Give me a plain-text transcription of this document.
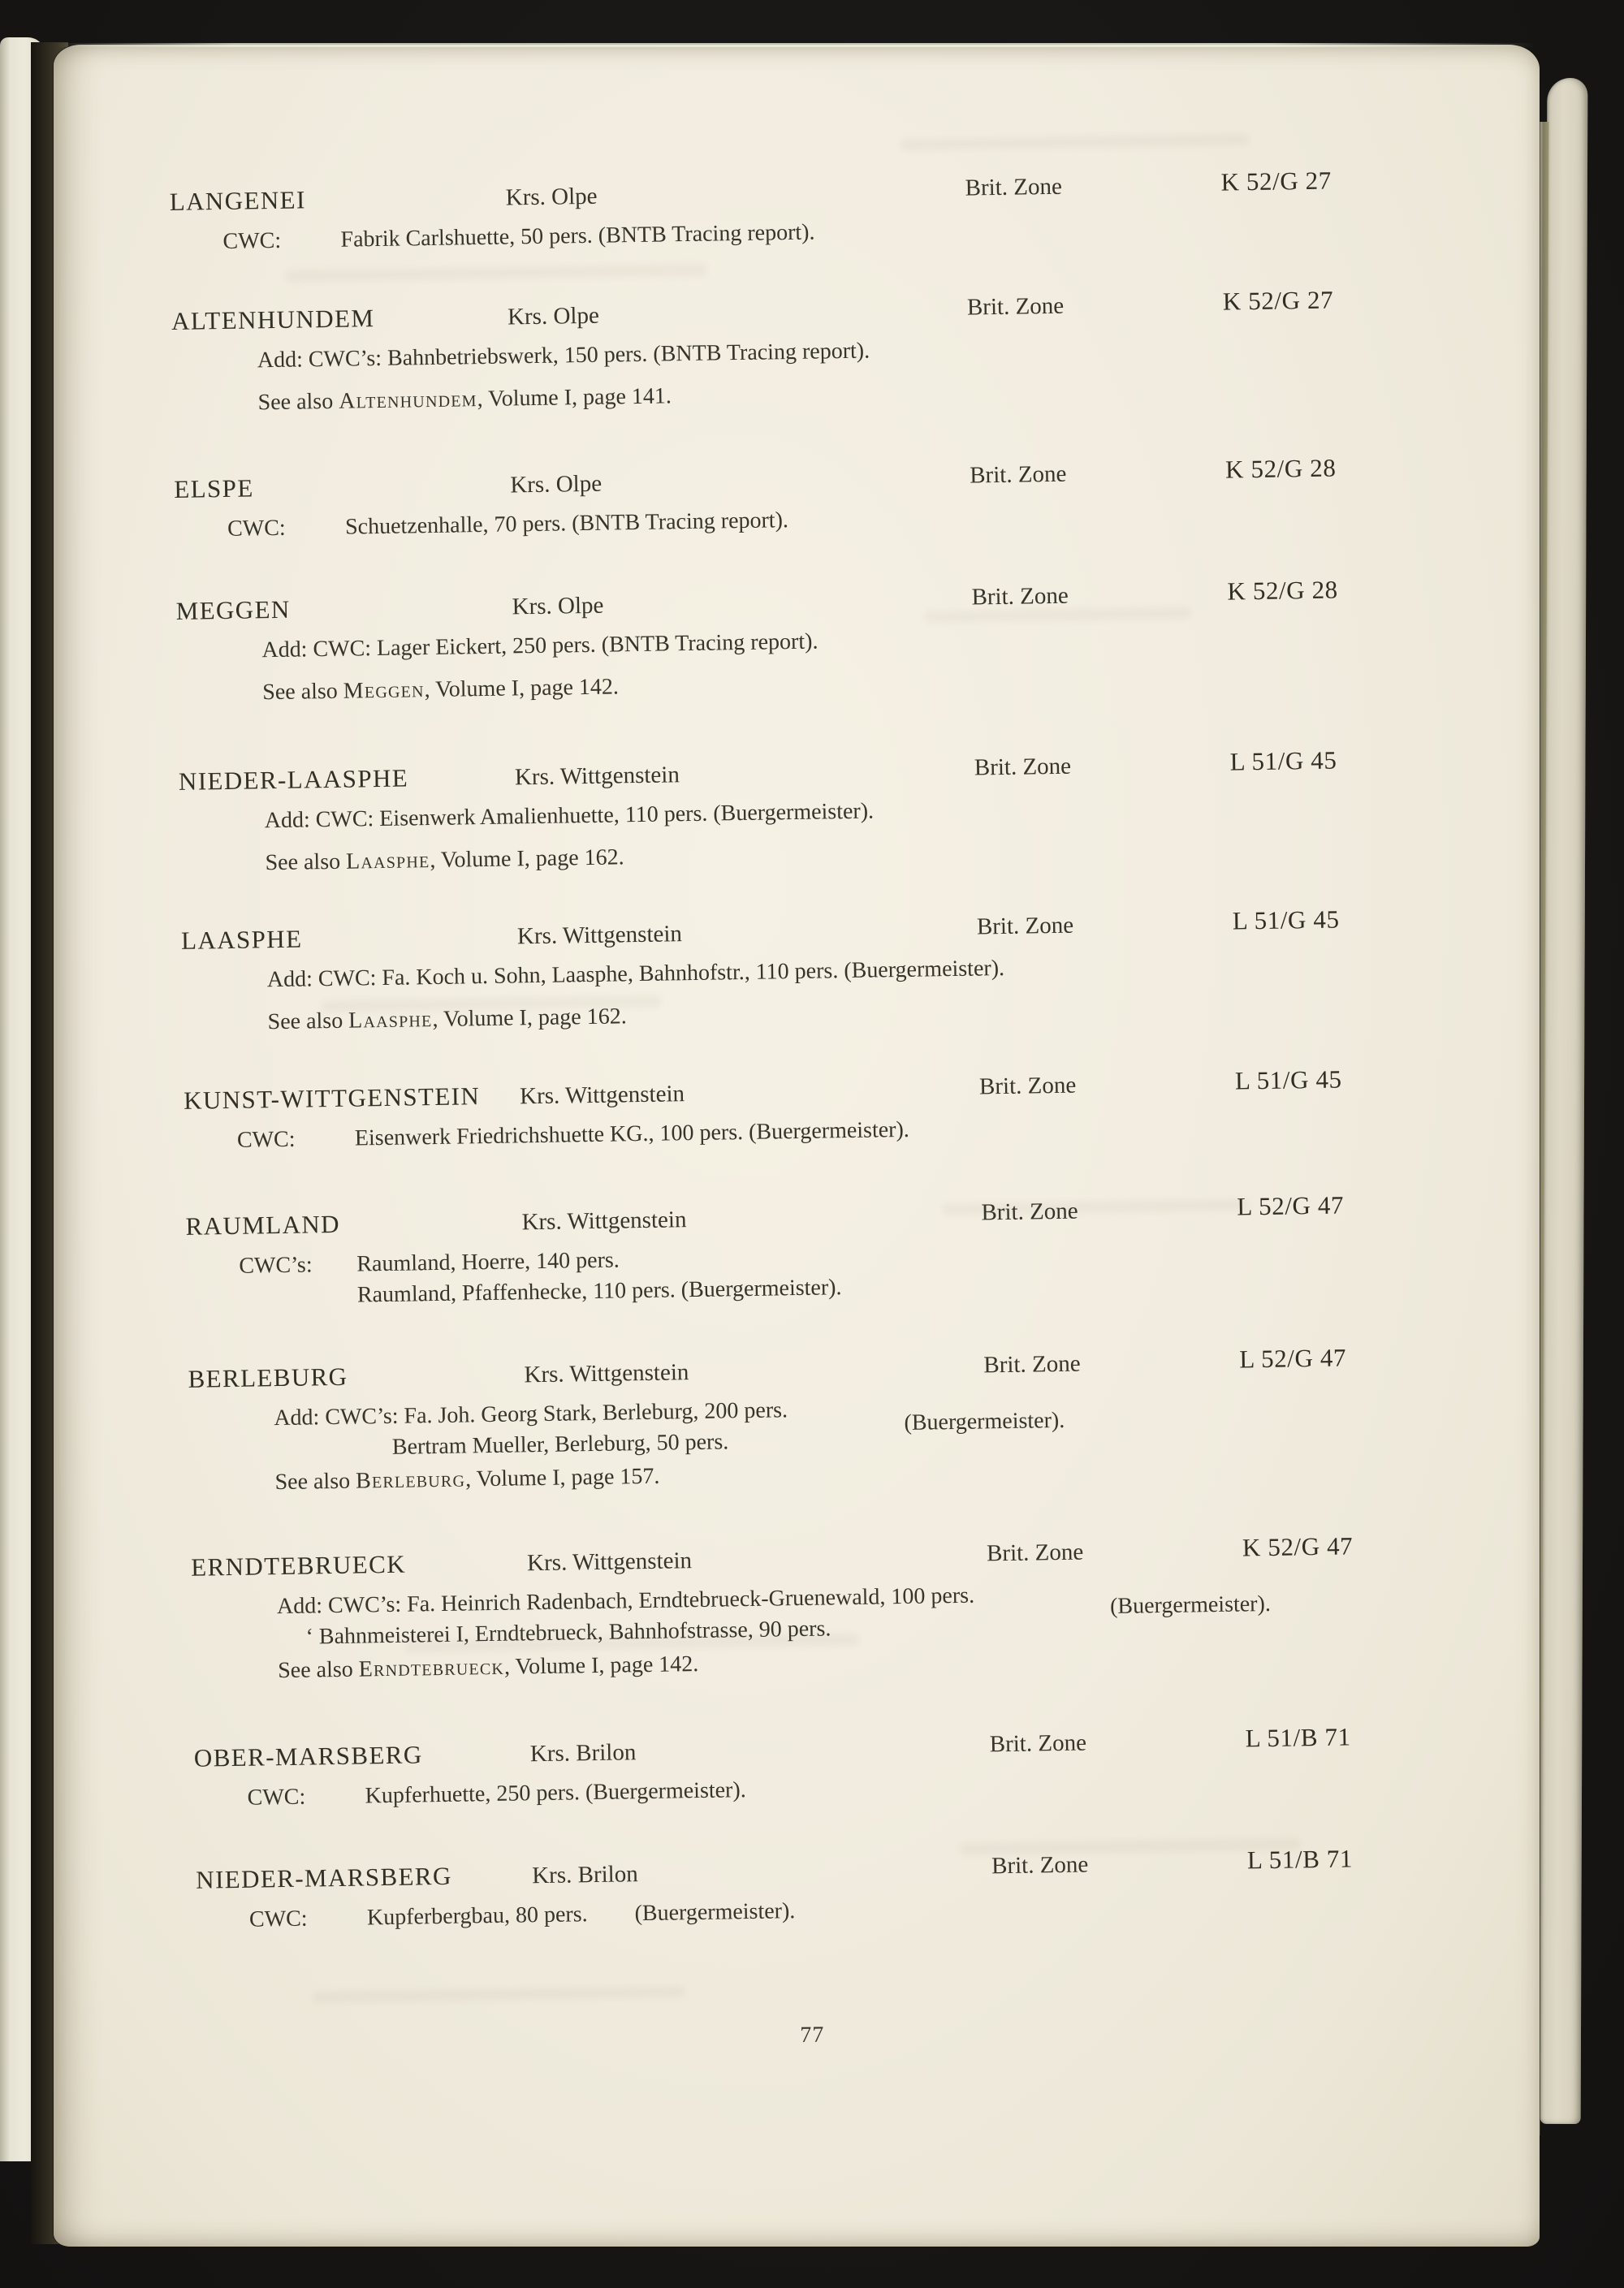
LANGENEI	Krs. Olpe	Brit. Zone	K 52/G 27
CWC:	Fabrik Carlshuette, 50 pers. (BNTB Tracing report).
ALTENHUNDEM	Krs. Olpe	Brit. Zone	K 52/G 27
Add: CWC’s: Bahnbetriebswerk, 150 pers. (BNTB Tracing report).
See also Altenhundem, Volume I, page 141.
ELSPE	Krs. Olpe	Brit. Zone	K 52/G 28
CWC:	Schuetzenhalle, 70 pers. (BNTB Tracing report).
MEGGEN	Krs. Olpe	Brit. Zone	K 52/G 28
Add: CWC: Lager Eickert, 250 pers. (BNTB Tracing report).
See also Meggen, Volume I, page 142.
NIEDER-LAASPHE	Krs. Wittgenstein	Brit. Zone	L 51/G 45
Add: CWC: Eisenwerk Amalienhuette, 110 pers. (Buergermeister).
See also Laasphe, Volume I, page 162.
LAASPHE	Krs. Wittgenstein	Brit. Zone	L 51/G 45
Add: CWC: Fa. Koch u. Sohn, Laasphe, Bahnhofstr., 110 pers. (Buergermeister).
See also Laasphe, Volume I, page 162.
KUNST-WITTGENSTEIN	Krs. Wittgenstein	Brit. Zone	L 51/G 45
CWC:	Eisenwerk Friedrichshuette KG., 100 pers. (Buergermeister).
RAUMLAND	Krs. Wittgenstein	Brit. Zone	L 52/G 47
CWC’s: Raumland, Hoerre, 140 pers.
Raumland, Pfaffenhecke, 110 pers. (Buergermeister).
BERLEBURG	Krs. Wittgenstein	Brit. Zone	L 52/G 47
Add: CWC’s: Fa. Joh. Georg Stark, Berleburg, 200 pers.
Bertram Mueller, Berleburg, 50 pers.
(Buergermeister).
See also Berleburg, Volume I, page 157.
ERNDTEBRUECK	Krs. Wittgenstein	Brit. Zone	K 52/G 47
Add: CWC’s: Fa. Heinrich Radenbach, Erndtebrueck-Gruenewald, 100 pers.
‘ Bahnmeisterei I, Erndtebrueck, Bahnhofstrasse, 90 pers.
(Buergermeister).
See also Erndtebrueck, Volume I, page 142.
OBER-MARSBERG	Krs. Brilon	Brit. Zone	L 51/B 71
CWC:	Kupferhuette, 250 pers. (Buergermeister).
NIEDER-MARSBERG	Krs. Brilon	Brit. Zone	L 51/B 71
CWC:	Kupferbergbau, 80 pers. (Buergermeister).
77
